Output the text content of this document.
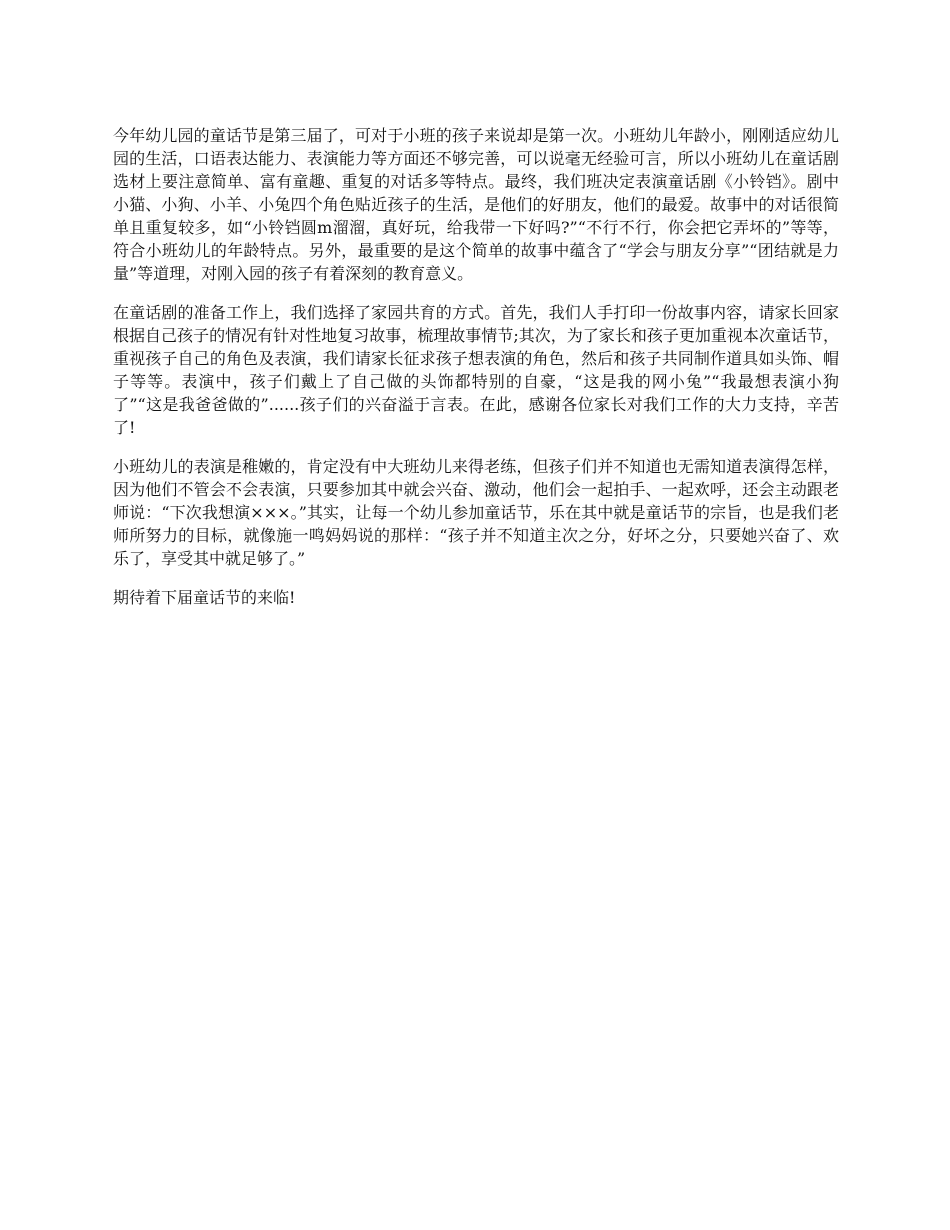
今年幼儿园的童话节是第三届了，可对于小班的孩子来说却是第一次。小班幼儿年龄小，刚刚适应幼儿园的生活，口语表达能力、表演能力等方面还不够完善，可以说毫无经验可言，所以小班幼儿在童话剧选材上要注意简单、富有童趣、重复的对话多等特点。最终，我们班决定表演童话剧《小铃铛》。剧中小猫、小狗、小羊、小兔四个角色贴近孩子的生活，是他们的好朋友，他们的最爱。故事中的对话很简单且重复较多，如“小铃铛圆m溜溜，真好玩，给我带一下好吗?”“不行不行，你会把它弄坏的”等等，符合小班幼儿的年龄特点。另外，最重要的是这个简单的故事中蕴含了“学会与朋友分享”“团结就是力量”等道理，对刚入园的孩子有着深刻的教育意义。

在童话剧的准备工作上，我们选择了家园共育的方式。首先，我们人手打印一份故事内容，请家长回家根据自己孩子的情况有针对性地复习故事，梳理故事情节;其次，为了家长和孩子更加重视本次童话节，重视孩子自己的角色及表演，我们请家长征求孩子想表演的角色，然后和孩子共同制作道具如头饰、帽子等等。表演中，孩子们戴上了自己做的头饰都特别的自豪，“这是我的网小兔”“我最想表演小狗了”“这是我爸爸做的”......孩子们的兴奋溢于言表。在此，感谢各位家长对我们工作的大力支持，辛苦了!

小班幼儿的表演是稚嫩的，肯定没有中大班幼儿来得老练，但孩子们并不知道也无需知道表演得怎样，因为他们不管会不会表演，只要参加其中就会兴奋、激动，他们会一起拍手、一起欢呼，还会主动跟老师说：“下次我想演×××。”其实，让每一个幼儿参加童话节，乐在其中就是童话节的宗旨，也是我们老师所努力的目标，就像施一鸣妈妈说的那样：“孩子并不知道主次之分，好坏之分，只要她兴奋了、欢乐了，享受其中就足够了。”

期待着下届童话节的来临!
